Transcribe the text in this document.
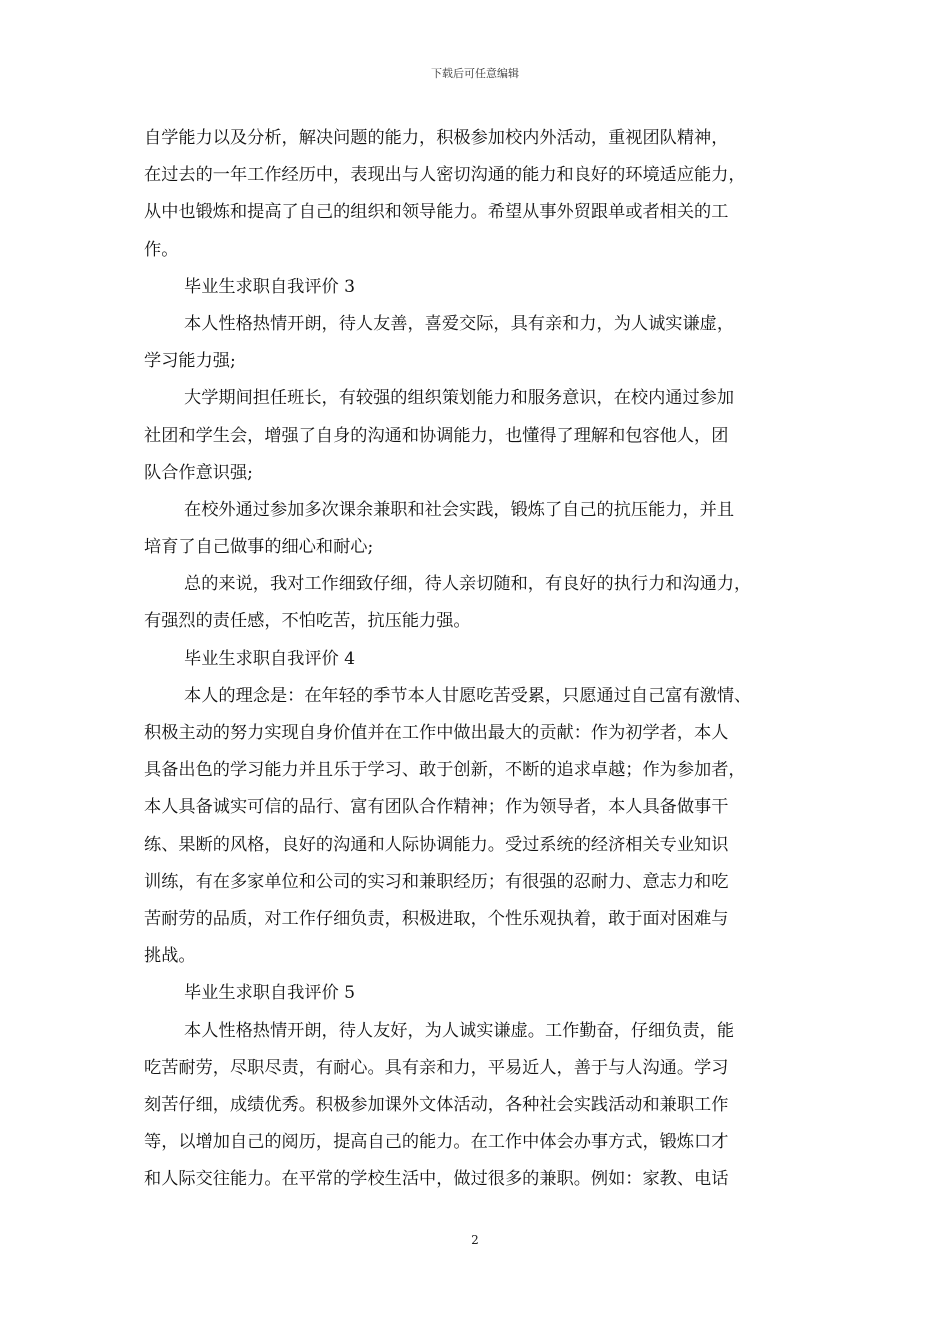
下载后可任意编辑
自学能力以及分析，解决问题的能力，积极参加校内外活动，重视团队精神，
在过去的一年工作经历中，表现出与人密切沟通的能力和良好的环境适应能力，
从中也锻炼和提高了自己的组织和领导能力。希望从事外贸跟单或者相关的工
作。
毕业生求职自我评价 3
本人性格热情开朗，待人友善，喜爱交际，具有亲和力，为人诚实谦虚，
学习能力强;
大学期间担任班长，有较强的组织策划能力和服务意识，在校内通过参加
社团和学生会，增强了自身的沟通和协调能力，也懂得了理解和包容他人，团
队合作意识强;
在校外通过参加多次课余兼职和社会实践，锻炼了自己的抗压能力，并且
培育了自己做事的细心和耐心;
总的来说，我对工作细致仔细，待人亲切随和，有良好的执行力和沟通力，
有强烈的责任感，不怕吃苦，抗压能力强。
毕业生求职自我评价 4
本人的理念是：在年轻的季节本人甘愿吃苦受累，只愿通过自己富有激情、
积极主动的努力实现自身价值并在工作中做出最大的贡献：作为初学者，本人
具备出色的学习能力并且乐于学习、敢于创新，不断的追求卓越；作为参加者，
本人具备诚实可信的品行、富有团队合作精神；作为领导者，本人具备做事干
练、果断的风格，良好的沟通和人际协调能力。受过系统的经济相关专业知识
训练，有在多家单位和公司的实习和兼职经历；有很强的忍耐力、意志力和吃
苦耐劳的品质，对工作仔细负责，积极进取，个性乐观执着，敢于面对困难与
挑战。
毕业生求职自我评价 5
本人性格热情开朗，待人友好，为人诚实谦虚。工作勤奋，仔细负责，能
吃苦耐劳，尽职尽责，有耐心。具有亲和力，平易近人，善于与人沟通。学习
刻苦仔细，成绩优秀。积极参加课外文体活动，各种社会实践活动和兼职工作
等，以增加自己的阅历，提高自己的能力。在工作中体会办事方式，锻炼口才
和人际交往能力。在平常的学校生活中，做过很多的兼职。例如：家教、电话
2
